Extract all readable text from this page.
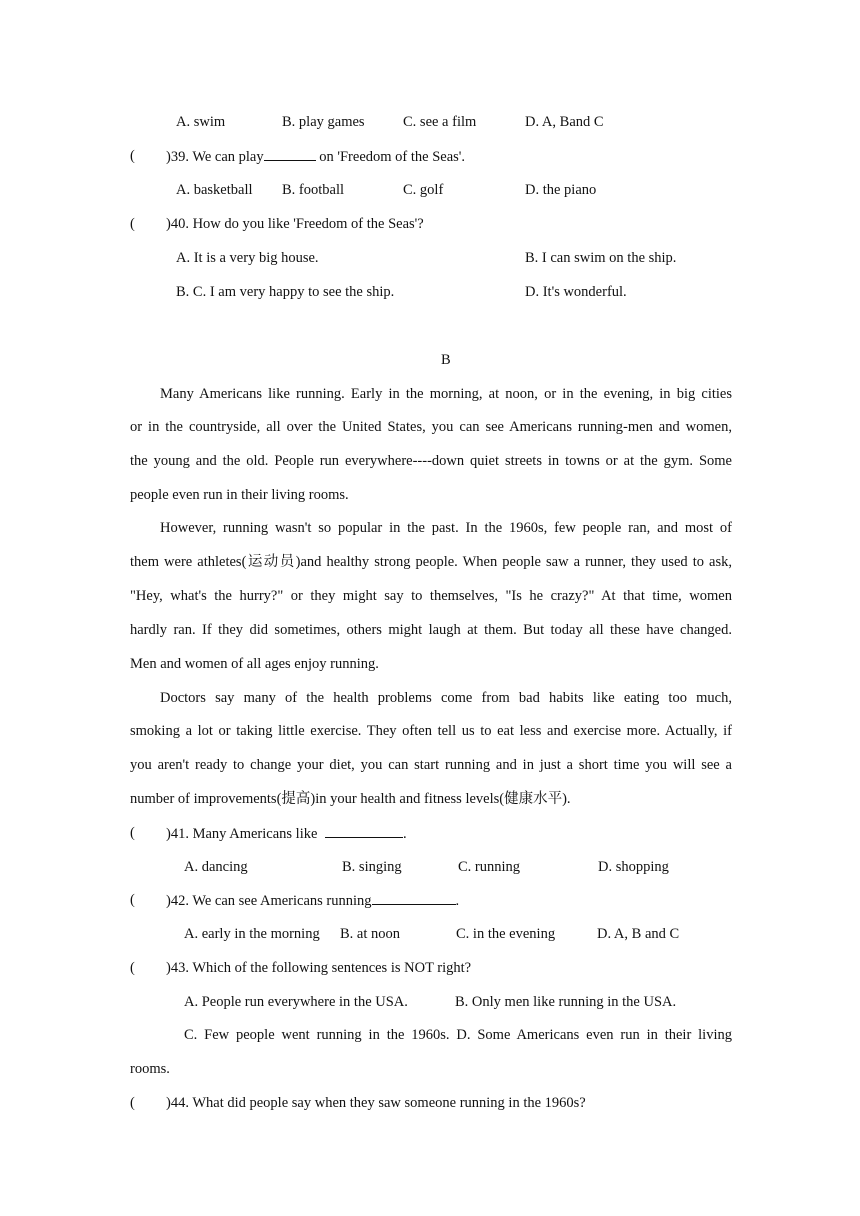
A. swim	B. play games	C. see a film	D. A, Band C
( )39. We can play	on 'Freedom of the Seas'.
A. basketball B. football	C. golf	D. the piano
( )40. How do you like 'Freedom of the Seas'?
A. It is a very big house.	B. I can swim on the ship.
B. C. I am very happy to see the ship.	D. It's wonderful.
B
Many Americans like running. Early in the morning, at noon, or in the evening, in big cities
or in the countryside, all over the United States, you can see Americans running-men and women,
the young and the old. People run everywhere----down quiet streets in towns or at the gym. Some
people even run in their living rooms.
However, running wasn't so popular in the past. In the 1960s, few people ran, and most of
them were athletes(运动员)and healthy strong people. When people saw a runner, they used to ask,
"Hey, what's the hurry?" or they might say to themselves, "Is he crazy?" At that time, women
hardly ran. If they did sometimes, others might laugh at them. But today all these have changed.
Men and women of all ages enjoy running.
Doctors say many of the health problems come from bad habits like eating too much,
smoking a lot or taking little exercise. They often tell us to eat less and exercise more. Actually, if
you aren't ready to change your diet, you can start running and in just a short time you will see a
number of improvements(提高)in your health and fitness levels(健康水平).
( )41. Many Americans like	.
A. dancing	B. singing	C. running	D. shopping
( )42. We can see Americans running	.
A. early in the morning B. at noon	C. in the evening	D. A, B and C
( )43. Which of the following sentences is NOT right?
A. People run everywhere in the USA.	B. Only men like running in the USA.
C. Few people went running in the 1960s. D. Some Americans even run in their living
rooms.
( )44. What did people say when they saw someone running in the 1960s?
